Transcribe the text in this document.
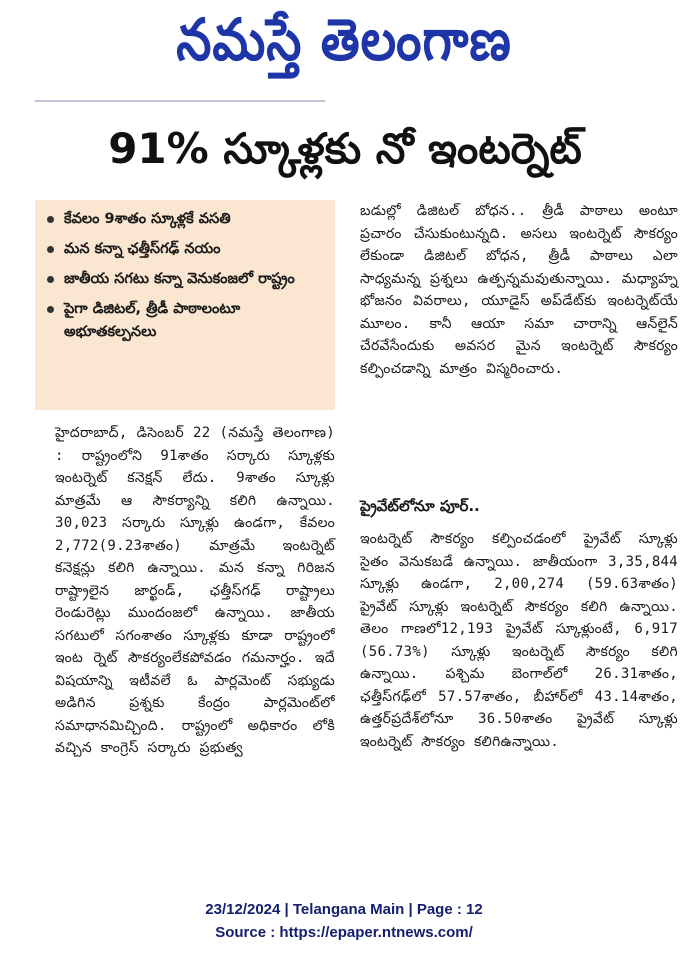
నమస్తే తెలంగాణ
91% స్కూళ్లకు నో ఇంటర్నెట్
కేవలం 9శాతం స్కూళ్లకే వసతి
మన కన్నా ఛత్తీస్‌గఢ్ నయం
జాతీయ సగటు కన్నా వెనుకంజలో రాష్ట్రం
పైగా డిజిటల్, త్రీడీ పాఠాలంటూ అభూతకల్పనలు
హైదరాబాద్, డిసెంబర్ 22 (నమస్తే తెలంగాణ) : రాష్ట్రంలోని 91శాతం సర్కారు స్కూళ్లకు ఇంటర్నెట్ కనెక్షన్ లేదు. 9శాతం స్కూళ్లు మాత్రమే ఆ సౌకర్యాన్ని కలిగి ఉన్నాయి. 30,023 సర్కారు స్కూళ్లు ఉండగా, కేవలం 2,772(9.23శాతం) మాత్రమే ఇంటర్నెట్ కనెక్షన్లు కలిగి ఉన్నాయి. మన కన్నా గిరిజన రాష్ట్రాలైన జార్ఖండ్, ఛత్తీస్‌గఢ్ రాష్ట్రాలు రెండురెట్లు ముందంజలో ఉన్నాయి. జాతీయ సగటులో సగంశాతం స్కూళ్లకు కూడా రాష్ట్రంలో ఇంట ర్నెట్ సౌకర్యంలేకపోవడం గమనార్హం. ఇదే విషయాన్ని ఇటీవలే ఓ పార్లమెంట్ సభ్యుడు అడిగిన ప్రశ్నకు కేంద్రం పార్లమెంట్‌లో సమాధానమిచ్చింది. రాష్ట్రంలో అధికారం లోకి వచ్చిన కాంగ్రెస్ సర్కారు ప్రభుత్వ
బడుల్లో డిజిటల్ బోధన.. త్రీడీ పాఠాలు అంటూ ప్రచారం చేసుకుంటున్నది. అసలు ఇంటర్నెట్ సౌకర్యం లేకుండా డిజిటల్ బోధన, త్రీడీ పాఠాలు ఎలా సాధ్యమన్న ప్రశ్నలు ఉత్పన్నమవుతున్నాయి. మధ్యాహ్న భోజనం వివరాలు, యూడైస్ అప్‌డేట్‌కు ఇంటర్నెట్‌యే మూలం. కానీ ఆయా సమా చారాన్ని ఆన్‌లైన్ చేరవేసేందుకు అవసర మైన ఇంటర్నెట్ సౌకర్యం కల్పించడాన్ని మాత్రం విస్మరించారు.
ప్రైవేట్‌లోనూ పూర్..
ఇంటర్నెట్ సౌకర్యం కల్పించడంలో ప్రైవేట్ స్కూళ్లు సైతం వెనుకబడే ఉన్నాయి. జాతీయంగా 3,35,844 స్కూళ్లు ఉండగా, 2,00,274 (59.63శాతం) ప్రైవేట్ స్కూళ్లు ఇంటర్నెట్ సౌకర్యం కలిగి ఉన్నాయి. తెలం గాణలో12,193 ప్రైవేట్ స్కూళ్లుంటే, 6,917 (56.73%) స్కూళ్లు ఇంటర్నెట్ సౌకర్యం కలిగి ఉన్నాయి. పశ్చిమ బెంగాల్‌లో 26.31శాతం, ఛత్తీస్‌గఢ్‌లో 57.57శాతం, బీహార్‌లో 43.14శాతం, ఉత్తర్‌ప్రదేశ్‌లోనూ 36.50శాతం ప్రైవేట్ స్కూళ్లు ఇంటర్నెట్ సౌకర్యం కలిగిఉన్నాయి.
23/12/2024 | Telangana Main | Page : 12
Source : https://epaper.ntnews.com/
